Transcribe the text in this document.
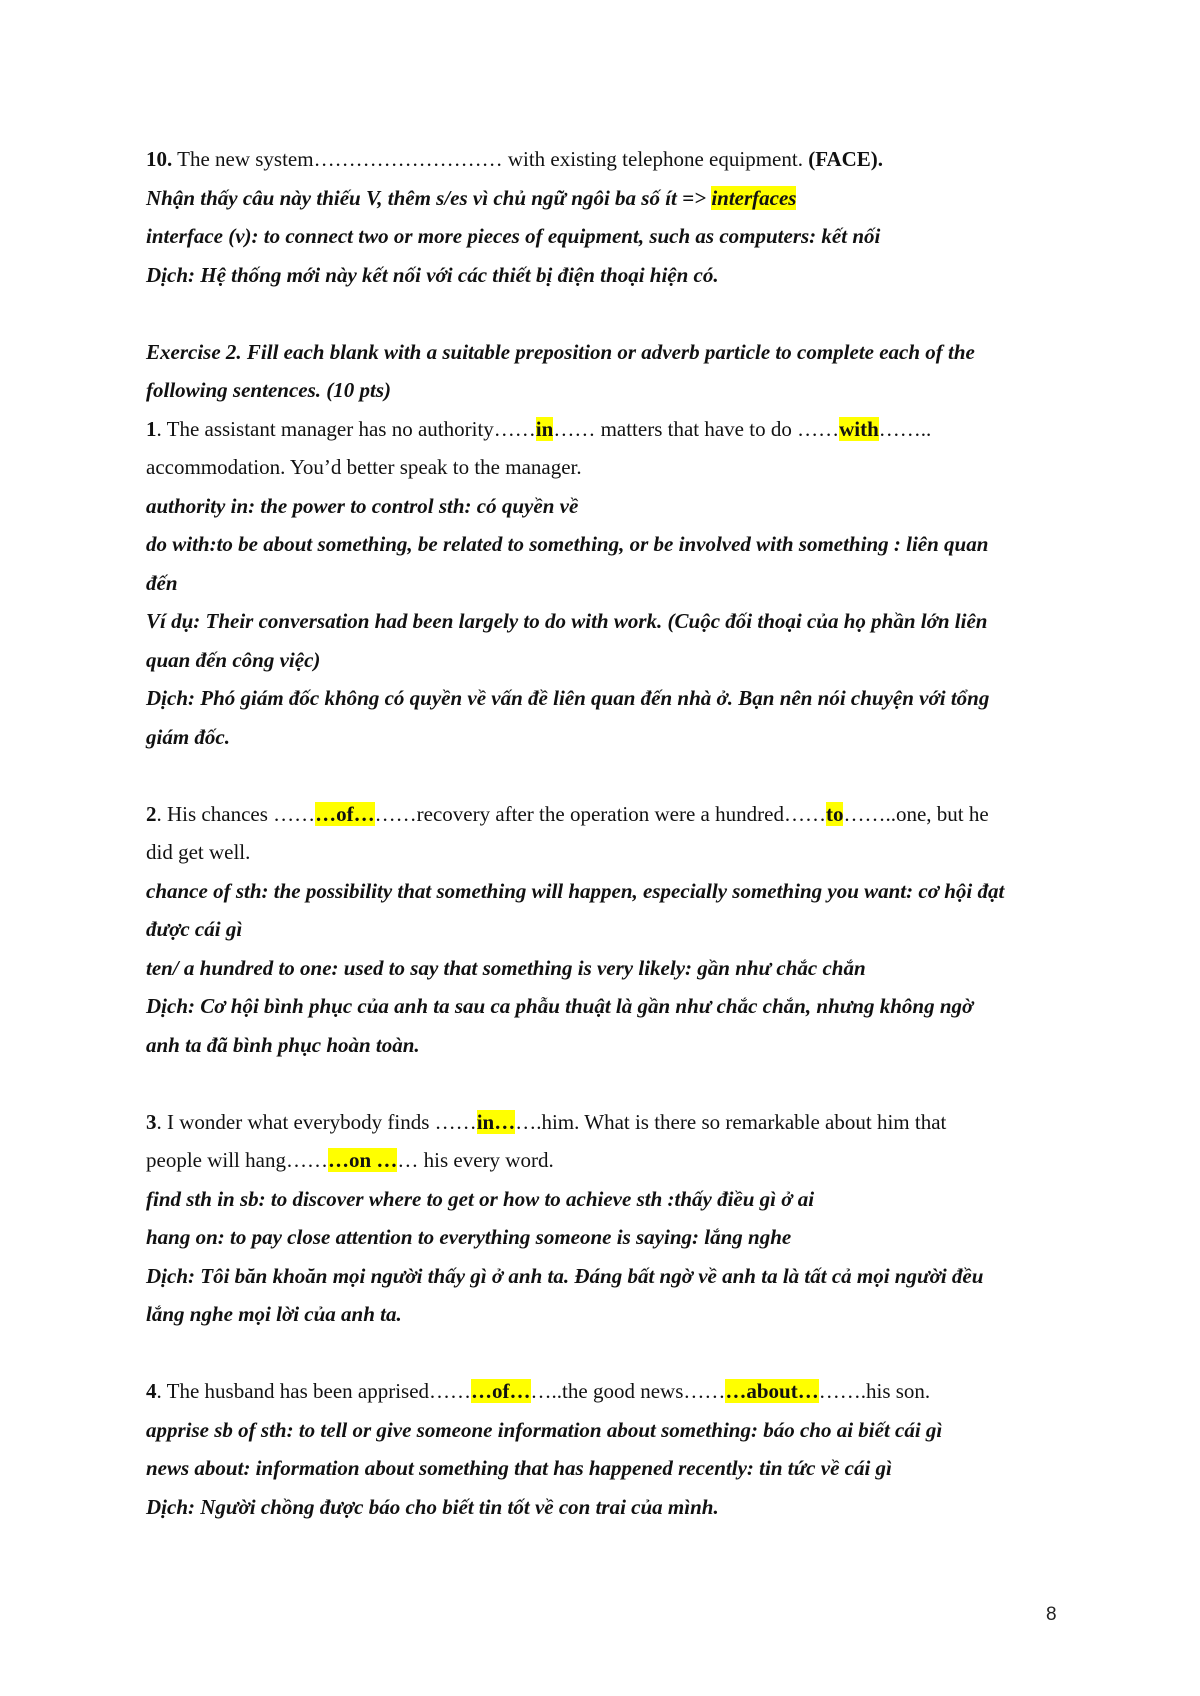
10. The new system……………………… with existing telephone equipment. (FACE).
Nhận thấy câu này thiếu V, thêm s/es vì chủ ngữ ngôi ba số ít => interfaces
interface (v): to connect two or more pieces of equipment, such as computers: kết nối
Dịch: Hệ thống mới này kết nối với các thiết bị điện thoại hiện có.
Exercise 2. Fill each blank with a suitable preposition or adverb particle to complete each of the
following sentences. (10 pts)
1. The assistant manager has no authority……in…… matters that have to do ……with……..
accommodation. You’d better speak to the manager.
authority in: the power to control sth: có quyền về
do with:to be about something, be related to something, or be involved with something : liên quan
đến
Ví dụ: Their conversation had been largely to do with work. (Cuộc đối thoại của họ phần lớn liên
quan đến công việc)
Dịch: Phó giám đốc không có quyền về vấn đề liên quan đến nhà ở. Bạn nên nói chuyện với tổng
giám đốc.
2. His chances ………of………recovery after the operation were a hundred……to……..one, but he
did get well.
chance of sth: the possibility that something will happen, especially something you want: cơ hội đạt
được cái gì
ten/ a hundred to one: used to say that something is very likely: gần như chắc chắn
Dịch: Cơ hội bình phục của anh ta sau ca phẫu thuật là gần như chắc chắn, nhưng không ngờ
anh ta đã bình phục hoàn toàn.
3. I wonder what everybody finds ……in…….him. What is there so remarkable about him that
people will hang………on …… his every word.
find sth in sb: to discover where to get or how to achieve sth :thấy điều gì ở ai
hang on: to pay close attention to everything someone is saying: lắng nghe
Dịch: Tôi băn khoăn mọi người thấy gì ở anh ta. Đáng bất ngờ về anh ta là tất cả mọi người đều
lắng nghe mọi lời của anh ta.
4. The husband has been apprised………of……..the good news………about……….his son.
apprise sb of sth: to tell or give someone information about something: báo cho ai biết cái gì
news about: information about something that has happened recently: tin tức về cái gì
Dịch: Người chồng được báo cho biết tin tốt về con trai của mình.
8
